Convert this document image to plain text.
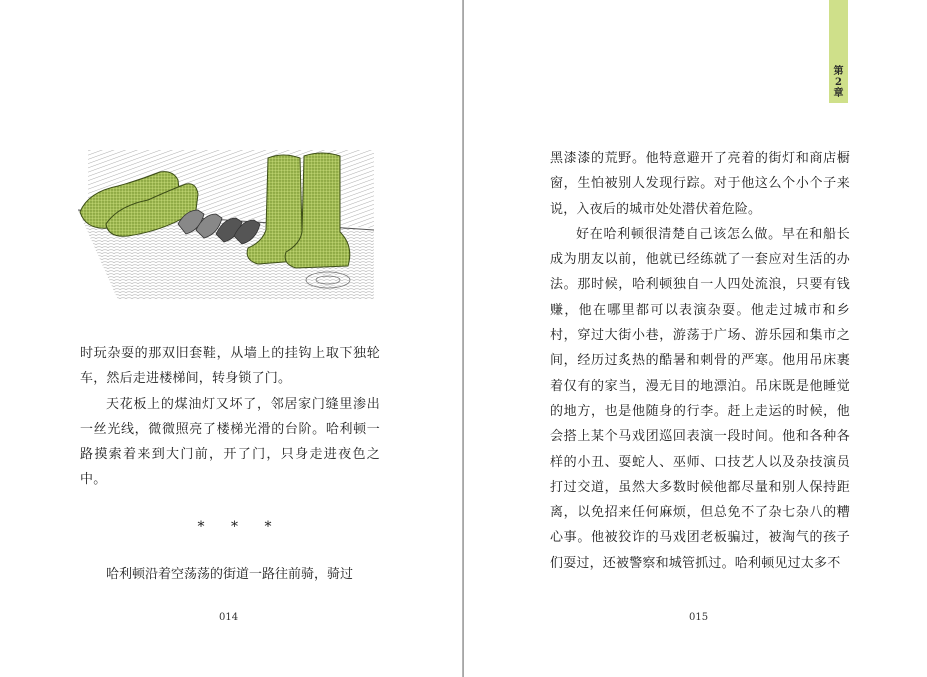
时玩杂耍的那双旧套鞋，从墙上的挂钩上取下独轮车，然后走进楼梯间，转身锁了门。

天花板上的煤油灯又坏了，邻居家门缝里渗出一丝光线，微微照亮了楼梯光滑的台阶。哈利顿一路摸索着来到大门前，开了门，只身走进夜色之中。

* * *

哈利顿沿着空荡荡的街道一路往前骑，骑过

014
第
2
章

黑漆漆的荒野。他特意避开了亮着的街灯和商店橱窗，生怕被别人发现行踪。对于他这么个小个子来说，入夜后的城市处处潜伏着危险。

好在哈利顿很清楚自己该怎么做。早在和船长成为朋友以前，他就已经练就了一套应对生活的办法。那时候，哈利顿独自一人四处流浪，只要有钱赚，他在哪里都可以表演杂耍。他走过城市和乡村，穿过大街小巷，游荡于广场、游乐园和集市之间，经历过炙热的酷暑和刺骨的严寒。他用吊床裹着仅有的家当，漫无目的地漂泊。吊床既是他睡觉的地方，也是他随身的行李。赶上走运的时候，他会搭上某个马戏团巡回表演一段时间。他和各种各样的小丑、耍蛇人、巫师、口技艺人以及杂技演员打过交道，虽然大多数时候他都尽量和别人保持距离，以免招来任何麻烦，但总免不了杂七杂八的糟心事。他被狡诈的马戏团老板骗过，被淘气的孩子们耍过，还被警察和城管抓过。哈利顿见过太多不

015
